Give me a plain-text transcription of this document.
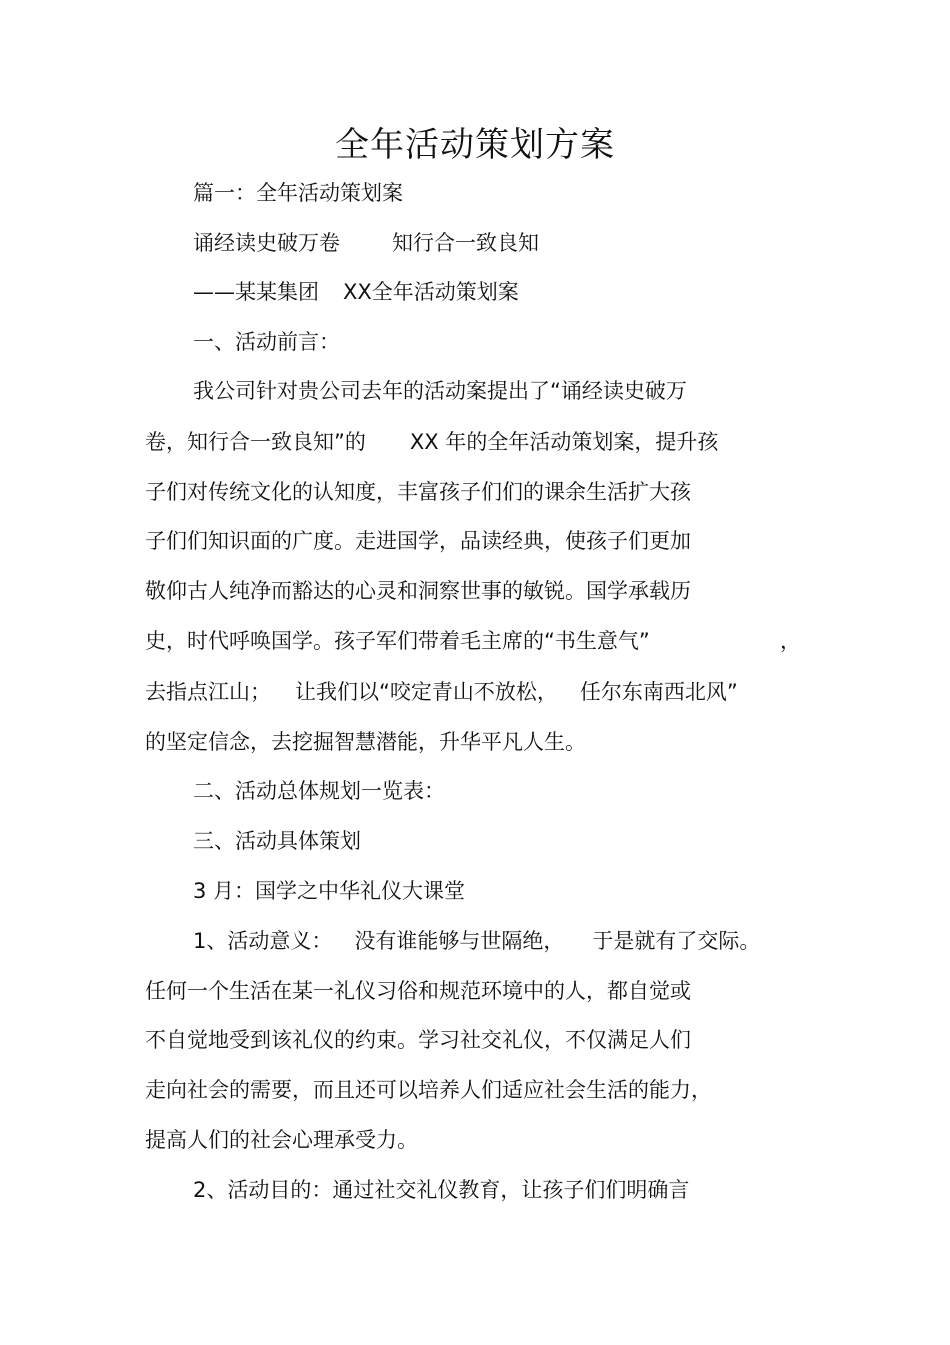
全年活动策划方案
篇一：全年活动策划案
诵经读史破万卷 知行合一致良知
——某某集团 XX全年活动策划案
一、活动前言：
我公司针对贵公司去年的活动案提出了“诵经读史破万
卷，知行合一致良知”的 XX 年的全年活动策划案，提升孩
子们对传统文化的认知度，丰富孩子们们的课余生活扩大孩
子们们知识面的广度。走进国学，品读经典，使孩子们更加
敬仰古人纯净而豁达的心灵和洞察世事的敏锐。国学承载历
史，时代呼唤国学。孩子军们带着毛主席的“书生意气”	，
去指点江山； 让我们以“咬定青山不放松， 任尔东南西北风”
的坚定信念，去挖掘智慧潜能，升华平凡人生。
二、活动总体规划一览表：
三、活动具体策划
3 月：国学之中华礼仪大课堂
1、活动意义： 没有谁能够与世隔绝， 于是就有了交际。
任何一个生活在某一礼仪习俗和规范环境中的人，都自觉或
不自觉地受到该礼仪的约束。学习社交礼仪，不仅满足人们
走向社会的需要，而且还可以培养人们适应社会生活的能力，
提高人们的社会心理承受力。
2、活动目的：通过社交礼仪教育，让孩子们们明确言
